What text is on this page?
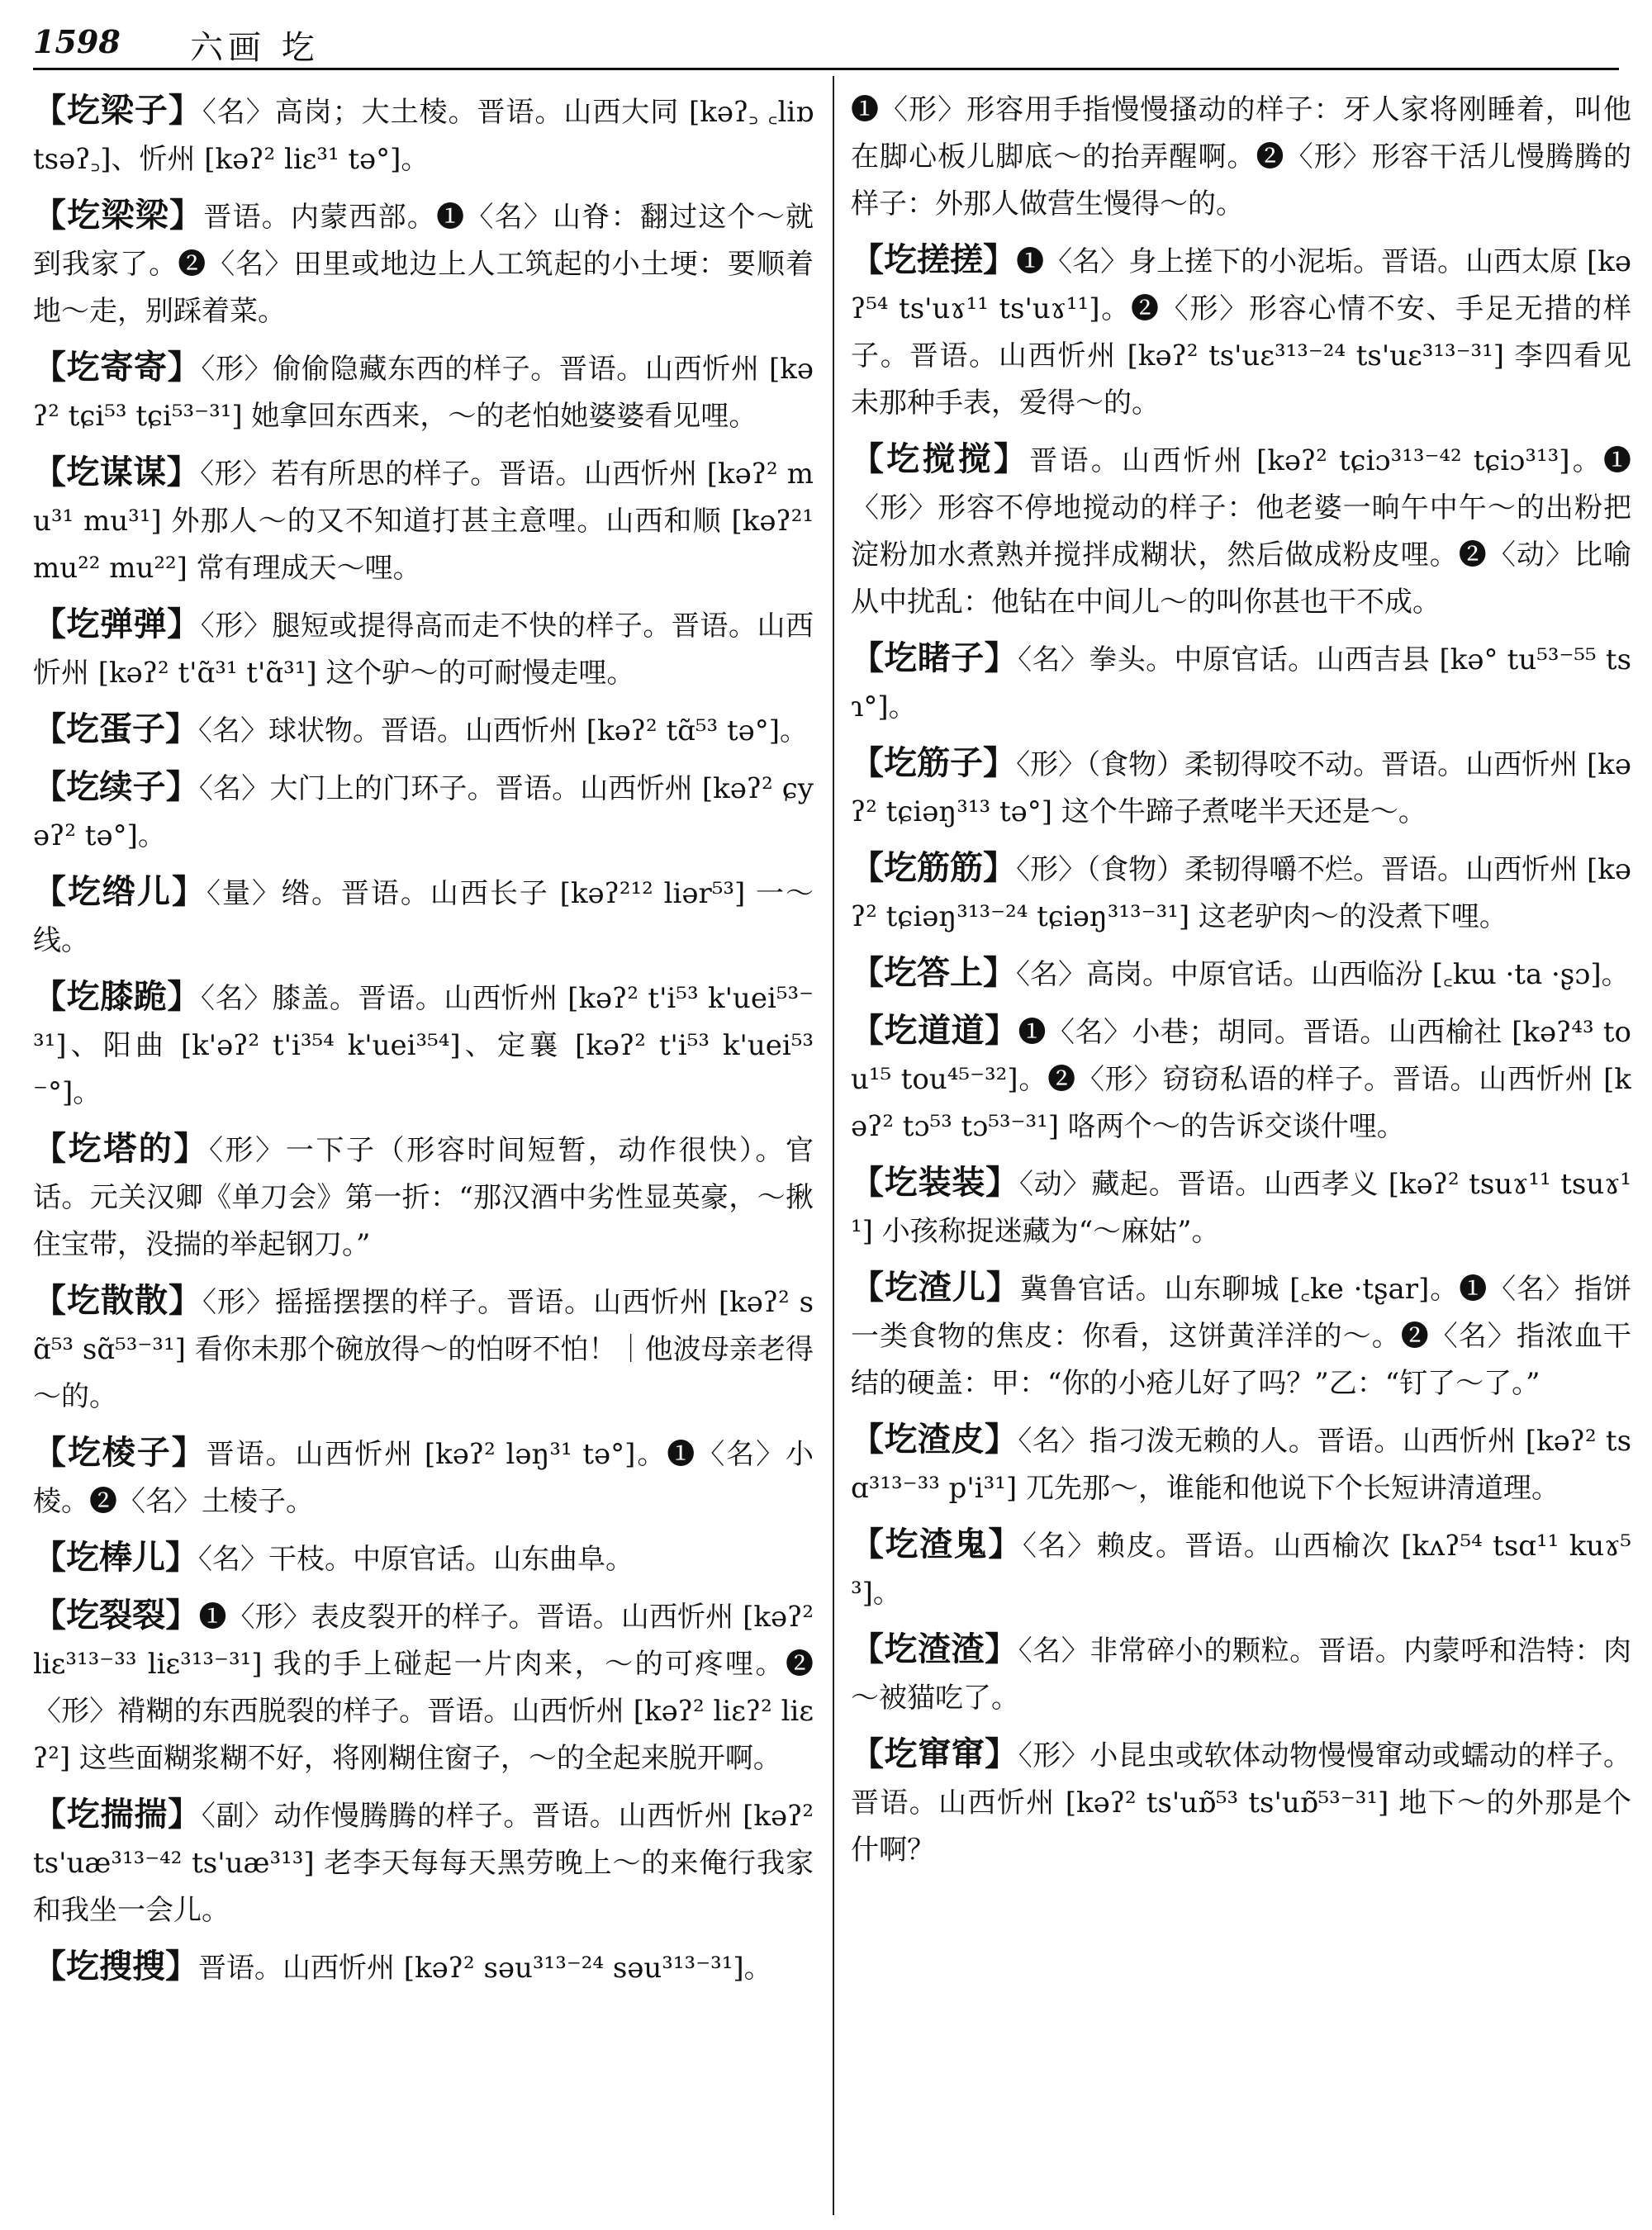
1598 六画 圪
【圪梁子】〈名〉高岗；大土棱。晋语。山西大同 [kəʔ꜆ ꜀liɒ tsəʔ꜆]、忻州 [kəʔ² liɛ³¹ tə°]。
【圪梁梁】晋语。内蒙西部。❶〈名〉山脊：翻过这个～就到我家了。❷〈名〉田里或地边上人工筑起的小土埂：要顺着地～走，别踩着菜。
【圪寄寄】〈形〉偷偷隐藏东西的样子。晋语。山西忻州 [kəʔ² tɕi⁵³ tɕi⁵³⁻³¹] 她拿回东西来，～的老怕她婆婆看见哩。
【圪谋谋】〈形〉若有所思的样子。晋语。山西忻州 [kəʔ² mu³¹ mu³¹] 外那人～的又不知道打甚主意哩。山西和顺 [kəʔ²¹ mu²² mu²²] 常有理成天～哩。
【圪弹弹】〈形〉腿短或提得高而走不快的样子。晋语。山西忻州 [kəʔ² t'ɑ̃³¹ t'ɑ̃³¹] 这个驴～的可耐慢走哩。
【圪蛋子】〈名〉球状物。晋语。山西忻州 [kəʔ² tɑ̃⁵³ tə°]。
【圪续子】〈名〉大门上的门环子。晋语。山西忻州 [kəʔ² ɕyəʔ² tə°]。
【圪绺儿】〈量〉绺。晋语。山西长子 [kəʔ²¹² liər⁵³] 一～线。
【圪膝跪】〈名〉膝盖。晋语。山西忻州 [kəʔ² t'i⁵³ k'uei⁵³⁻³¹]、阳曲 [k'əʔ² t'i³⁵⁴ k'uei³⁵⁴]、定襄 [kəʔ² t'i⁵³ k'uei⁵³⁻°]。
【圪塔的】〈形〉一下子（形容时间短暂，动作很快）。官话。元关汉卿《单刀会》第一折：“那汉酒中劣性显英豪，～揪住宝带，没揣的举起钢刀。”
【圪散散】〈形〉摇摇摆摆的样子。晋语。山西忻州 [kəʔ² sɑ̃⁵³ sɑ̃⁵³⁻³¹] 看你未那个碗放得～的怕呀不怕！｜他波母亲老得～的。
【圪棱子】晋语。山西忻州 [kəʔ² ləŋ³¹ tə°]。❶〈名〉小棱。❷〈名〉土棱子。
【圪棒儿】〈名〉干枝。中原官话。山东曲阜。
【圪裂裂】❶〈形〉表皮裂开的样子。晋语。山西忻州 [kəʔ² liɛ³¹³⁻³³ liɛ³¹³⁻³¹] 我的手上碰起一片肉来，～的可疼哩。❷〈形〉褙糊的东西脱裂的样子。晋语。山西忻州 [kəʔ² liɛʔ² liɛʔ²] 这些面糊浆糊不好，将刚糊住窗子，～的全起来脱开啊。
【圪揣揣】〈副〉动作慢腾腾的样子。晋语。山西忻州 [kəʔ² ts'uæ³¹³⁻⁴² ts'uæ³¹³] 老李天每每天黑劳晚上～的来俺行我家和我坐一会儿。
【圪搜搜】晋语。山西忻州 [kəʔ² səu³¹³⁻²⁴ səu³¹³⁻³¹]。
❶〈形〉形容用手指慢慢搔动的样子：牙人家将刚睡着，叫他在脚心板儿脚底～的抬弄醒啊。❷〈形〉形容干活儿慢腾腾的样子：外那人做营生慢得～的。
【圪搓搓】❶〈名〉身上搓下的小泥垢。晋语。山西太原 [kəʔ⁵⁴ ts'uɤ¹¹ ts'uɤ¹¹]。❷〈形〉形容心情不安、手足无措的样子。晋语。山西忻州 [kəʔ² ts'uɛ³¹³⁻²⁴ ts'uɛ³¹³⁻³¹] 李四看见未那种手表，爱得～的。
【圪搅搅】晋语。山西忻州 [kəʔ² tɕiɔ³¹³⁻⁴² tɕiɔ³¹³]。❶〈形〉形容不停地搅动的样子：他老婆一晌午中午～的出粉把淀粉加水煮熟并搅拌成糊状，然后做成粉皮哩。❷〈动〉比喻从中扰乱：他钻在中间儿～的叫你甚也干不成。
【圪睹子】〈名〉拳头。中原官话。山西吉县 [kə° tu⁵³⁻⁵⁵ tsɿ°]。
【圪筋子】〈形〉（食物）柔韧得咬不动。晋语。山西忻州 [kəʔ² tɕiəŋ³¹³ tə°] 这个牛蹄子煮咾半天还是～。
【圪筋筋】〈形〉（食物）柔韧得嚼不烂。晋语。山西忻州 [kəʔ² tɕiəŋ³¹³⁻²⁴ tɕiəŋ³¹³⁻³¹] 这老驴肉～的没煮下哩。
【圪答上】〈名〉高岗。中原官话。山西临汾 [꜀kɯ ·ta ·ʂɔ]。
【圪道道】❶〈名〉小巷；胡同。晋语。山西榆社 [kəʔ⁴³ tou¹⁵ tou⁴⁵⁻³²]。❷〈形〉窃窃私语的样子。晋语。山西忻州 [kəʔ² tɔ⁵³ tɔ⁵³⁻³¹] 咯两个～的告诉交谈什哩。
【圪装装】〈动〉藏起。晋语。山西孝义 [kəʔ² tsuɤ¹¹ tsuɤ¹¹] 小孩称捉迷藏为“～麻姑”。
【圪渣儿】冀鲁官话。山东聊城 [꜀ke ·tʂar]。❶〈名〉指饼一类食物的焦皮：你看，这饼黄洋洋的～。❷〈名〉指浓血干结的硬盖：甲：“你的小疮儿好了吗？”乙：“钉了～了。”
【圪渣皮】〈名〉指刁泼无赖的人。晋语。山西忻州 [kəʔ² tsɑ³¹³⁻³³ p'i³¹] 兀先那～，谁能和他说下个长短讲清道理。
【圪渣鬼】〈名〉赖皮。晋语。山西榆次 [kʌʔ⁵⁴ tsɑ¹¹ kuɤ⁵³]。
【圪渣渣】〈名〉非常碎小的颗粒。晋语。内蒙呼和浩特：肉～被猫吃了。
【圪窜窜】〈形〉小昆虫或软体动物慢慢窜动或蠕动的样子。晋语。山西忻州 [kəʔ² ts'uɒ̃⁵³ ts'uɒ̃⁵³⁻³¹] 地下～的外那是个什啊？
